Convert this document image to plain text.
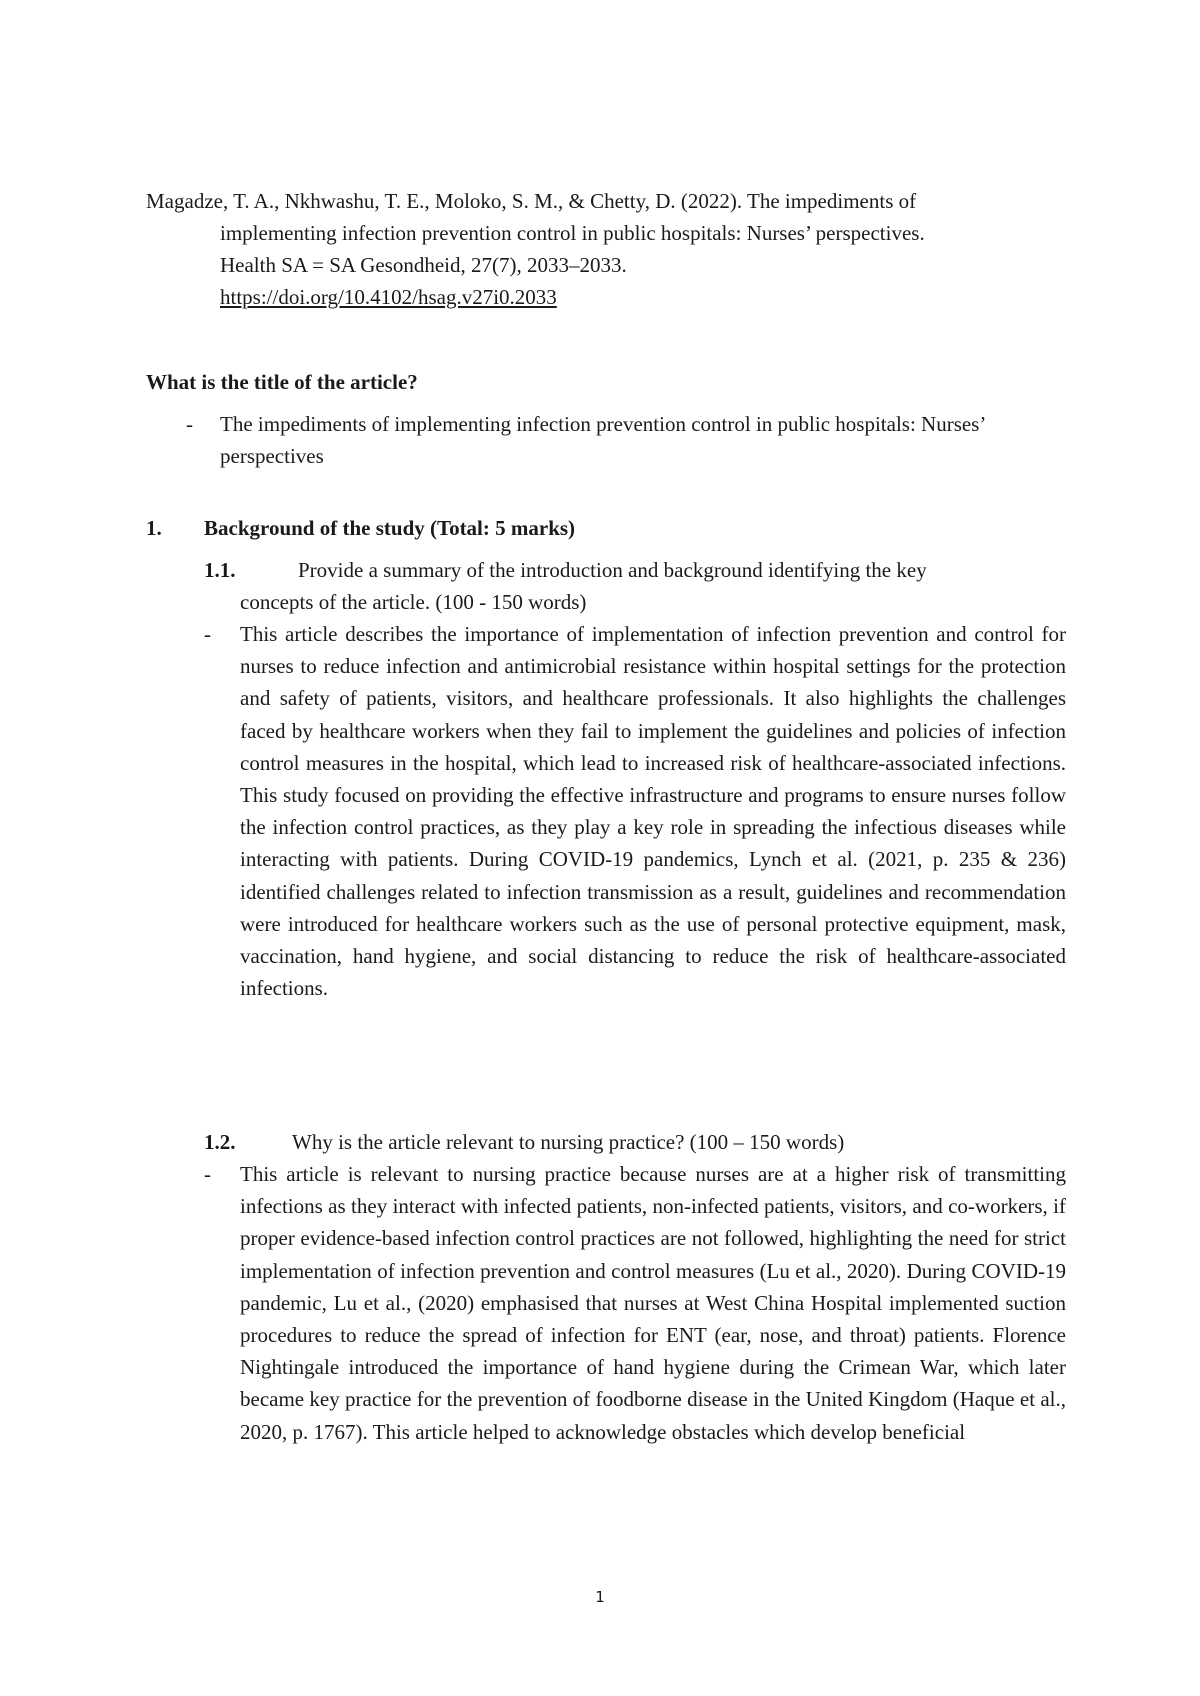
Magadze, T. A., Nkhwashu, T. E., Moloko, S. M., & Chetty, D. (2022). The impediments of
implementing infection prevention control in public hospitals: Nurses’ perspectives.
Health SA = SA Gesondheid, 27(7), 2033–2033.
https://doi.org/10.4102/hsag.v27i0.2033
What is the title of the article?
-	The impediments of implementing infection prevention control in public hospitals: Nurses’ perspectives
1. Background of the study (Total: 5 marks)
1.1.	Provide a summary of the introduction and background identifying the key
concepts of the article. (100 - 150 words)
- This article describes the importance of implementation of infection prevention and control for nurses to reduce infection and antimicrobial resistance within hospital settings for the protection and safety of patients, visitors, and healthcare professionals. It also highlights the challenges faced by healthcare workers when they fail to implement the guidelines and policies of infection control measures in the hospital, which lead to increased risk of healthcare-associated infections. This study focused on providing the effective infrastructure and programs to ensure nurses follow the infection control practices, as they play a key role in spreading the infectious diseases while interacting with patients. During COVID-19 pandemics, Lynch et al. (2021, p. 235 & 236) identified challenges related to infection transmission as a result, guidelines and recommendation were introduced for healthcare workers such as the use of personal protective equipment, mask, vaccination, hand hygiene, and social distancing to reduce the risk of healthcare-associated infections.
1.2.	Why is the article relevant to nursing practice? (100 – 150 words)
- This article is relevant to nursing practice because nurses are at a higher risk of transmitting infections as they interact with infected patients, non-infected patients, visitors, and co-workers, if proper evidence-based infection control practices are not followed, highlighting the need for strict implementation of infection prevention and control measures (Lu et al., 2020). During COVID-19 pandemic, Lu et al., (2020) emphasised that nurses at West China Hospital implemented suction procedures to reduce the spread of infection for ENT (ear, nose, and throat) patients. Florence Nightingale introduced the importance of hand hygiene during the Crimean War, which later became key practice for the prevention of foodborne disease in the United Kingdom (Haque et al., 2020, p. 1767). This article helped to acknowledge obstacles which develop beneficial
1
